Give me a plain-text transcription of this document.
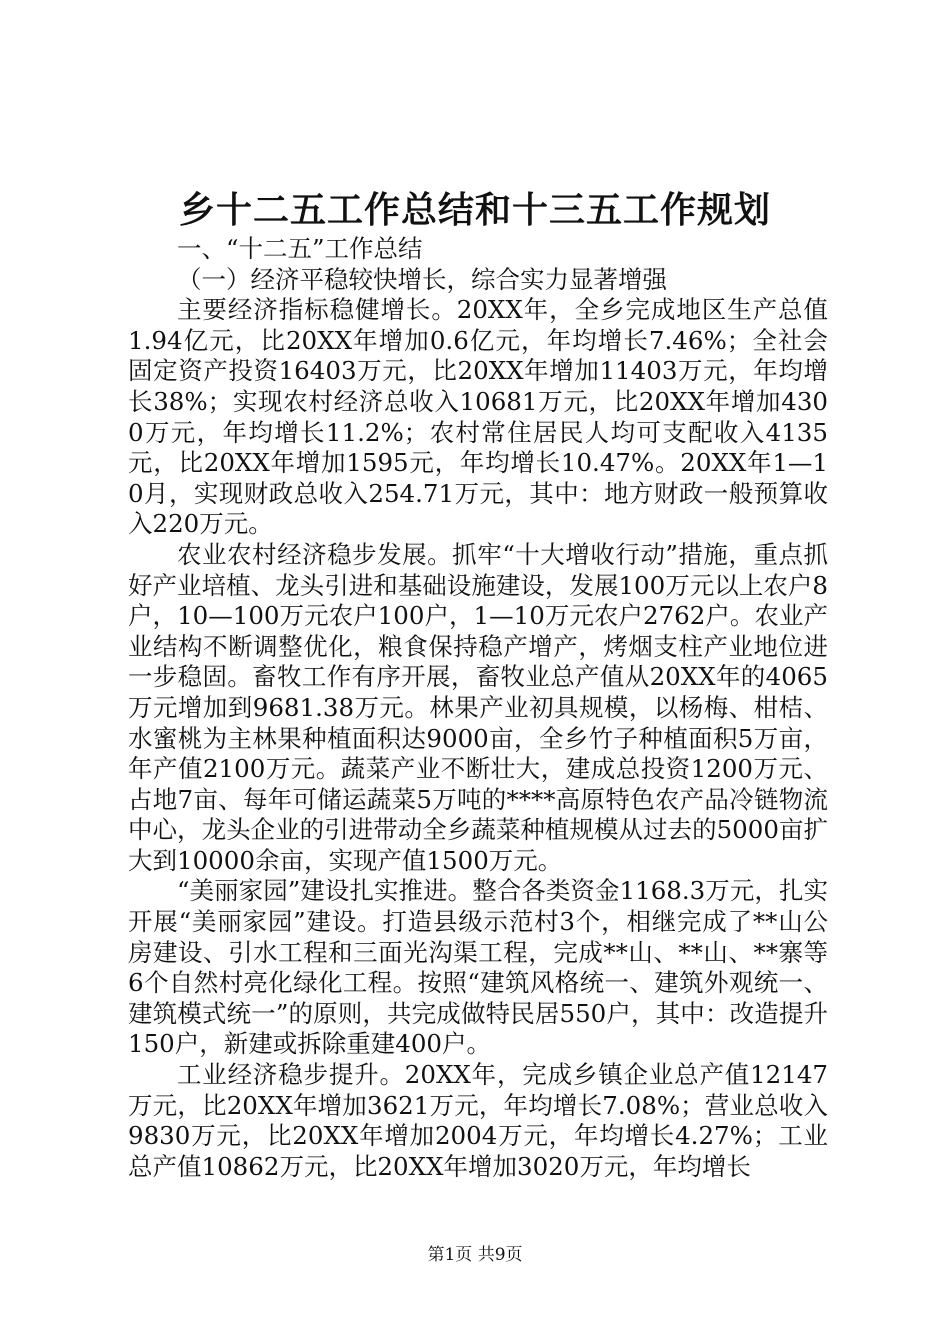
乡十二五工作总结和十三五工作规划

一、“十二五”工作总结

（一）经济平稳较快增长，综合实力显著增强

主要经济指标稳健增长。20XX年，全乡完成地区生产总值1.94亿元，比20XX年增加0.6亿元，年均增长7.46%；全社会固定资产投资16403万元，比20XX年增加11403万元，年均增长38%；实现农村经济总收入10681万元，比20XX年增加4300万元，年均增长11.2%；农村常住居民人均可支配收入4135元，比20XX年增加1595元，年均增长10.47%。20XX年1—10月，实现财政总收入254.71万元，其中：地方财政一般预算收入220万元。

农业农村经济稳步发展。抓牢“十大增收行动”措施，重点抓好产业培植、龙头引进和基础设施建设，发展100万元以上农户8户，10—100万元农户100户，1—10万元农户2762户。农业产业结构不断调整优化，粮食保持稳产增产，烤烟支柱产业地位进一步稳固。畜牧工作有序开展，畜牧业总产值从20XX年的4065万元增加到9681.38万元。林果产业初具规模，以杨梅、柑桔、水蜜桃为主林果种植面积达9000亩，全乡竹子种植面积5万亩，年产值2100万元。蔬菜产业不断壮大，建成总投资1200万元、占地7亩、每年可储运蔬菜5万吨的****高原特色农产品冷链物流中心，龙头企业的引进带动全乡蔬菜种植规模从过去的5000亩扩大到10000余亩，实现产值1500万元。

“美丽家园”建设扎实推进。整合各类资金1168.3万元，扎实开展“美丽家园”建设。打造县级示范村3个，相继完成了**山公房建设、引水工程和三面光沟渠工程，完成**山、**山、**寨等6个自然村亮化绿化工程。按照“建筑风格统一、建筑外观统一、建筑模式统一”的原则，共完成做特民居550户，其中：改造提升150户，新建或拆除重建400户。

工业经济稳步提升。20XX年，完成乡镇企业总产值12147万元，比20XX年增加3621万元，年均增长7.08%；营业总收入9830万元，比20XX年增加2004万元，年均增长4.27%；工业总产值10862万元，比20XX年增加3020万元，年均增长

第1页 共9页
